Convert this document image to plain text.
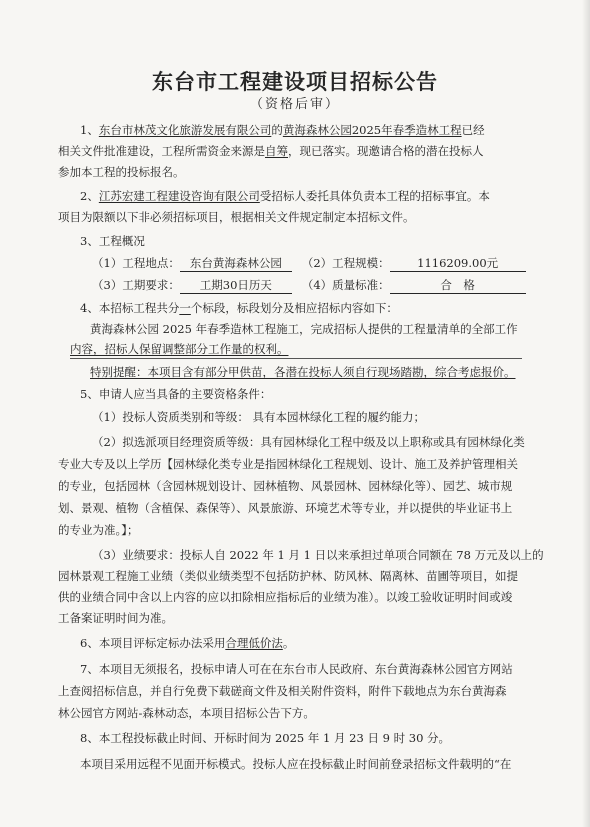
东台市工程建设项目招标公告
（资格后审）
1、东台市林茂文化旅游发展有限公司的黄海森林公园2025年春季造林工程已经
相关文件批准建设，工程所需资金来源是自筹，现已落实。现邀请合格的潜在投标人
参加本工程的投标报名。
2、江苏宏建工程建设咨询有限公司受招标人委托具体负责本工程的招标事宜。本
项目为限额以下非必须招标项目，根据相关文件规定制定本招标文件。
3、工程概况
（1）工程地点： 东台黄海森林公园 （2）工程规模： 1116209.00元
（3）工期要求： 工期30日历天	（4）质量标准：	合　格
4、本招标工程共分一个标段，标段划分及相应招标内容如下：
黄海森林公园 2025 年春季造林工程施工，完成招标人提供的工程量清单的全部工作
内容，招标人保留调整部分工作量的权利。
特别提醒：本项目含有部分甲供苗，各潜在投标人须自行现场踏勘，综合考虑报价。
5、申请人应当具备的主要资格条件：
（1）投标人资质类别和等级： 具有本园林绿化工程的履约能力；
（2）拟选派项目经理资质等级：具有园林绿化工程中级及以上职称或具有园林绿化类
专业大专及以上学历【园林绿化类专业是指园林绿化工程规划、设计、施工及养护管理相关
的专业，包括园林（含园林规划设计、园林植物、风景园林、园林绿化等）、园艺、城市规
划、景观、植物（含植保、森保等）、风景旅游、环境艺术等专业，并以提供的毕业证书上
的专业为准。】；
（3）业绩要求：投标人自 2022 年 1 月 1 日以来承担过单项合同额在 78 万元及以上的
园林景观工程施工业绩（类似业绩类型不包括防护林、防风林、隔离林、苗圃等项目，如提
供的业绩合同中含以上内容的应以扣除相应指标后的业绩为准）。以竣工验收证明时间或竣
工备案证明时间为准。
6、本项目评标定标办法采用合理低价法。
7、本项目无须报名，投标申请人可在在东台市人民政府、东台黄海森林公园官方网站
上查阅招标信息，并自行免费下载磋商文件及相关附件资料，附件下载地点为东台黄海森
林公园官方网站-森林动态，本项目招标公告下方。
8、本工程投标截止时间、开标时间为 2025 年 1 月 23 日 9 时 30 分。
本项目采用远程不见面开标模式。投标人应在投标截止时间前登录招标文件载明的“在
